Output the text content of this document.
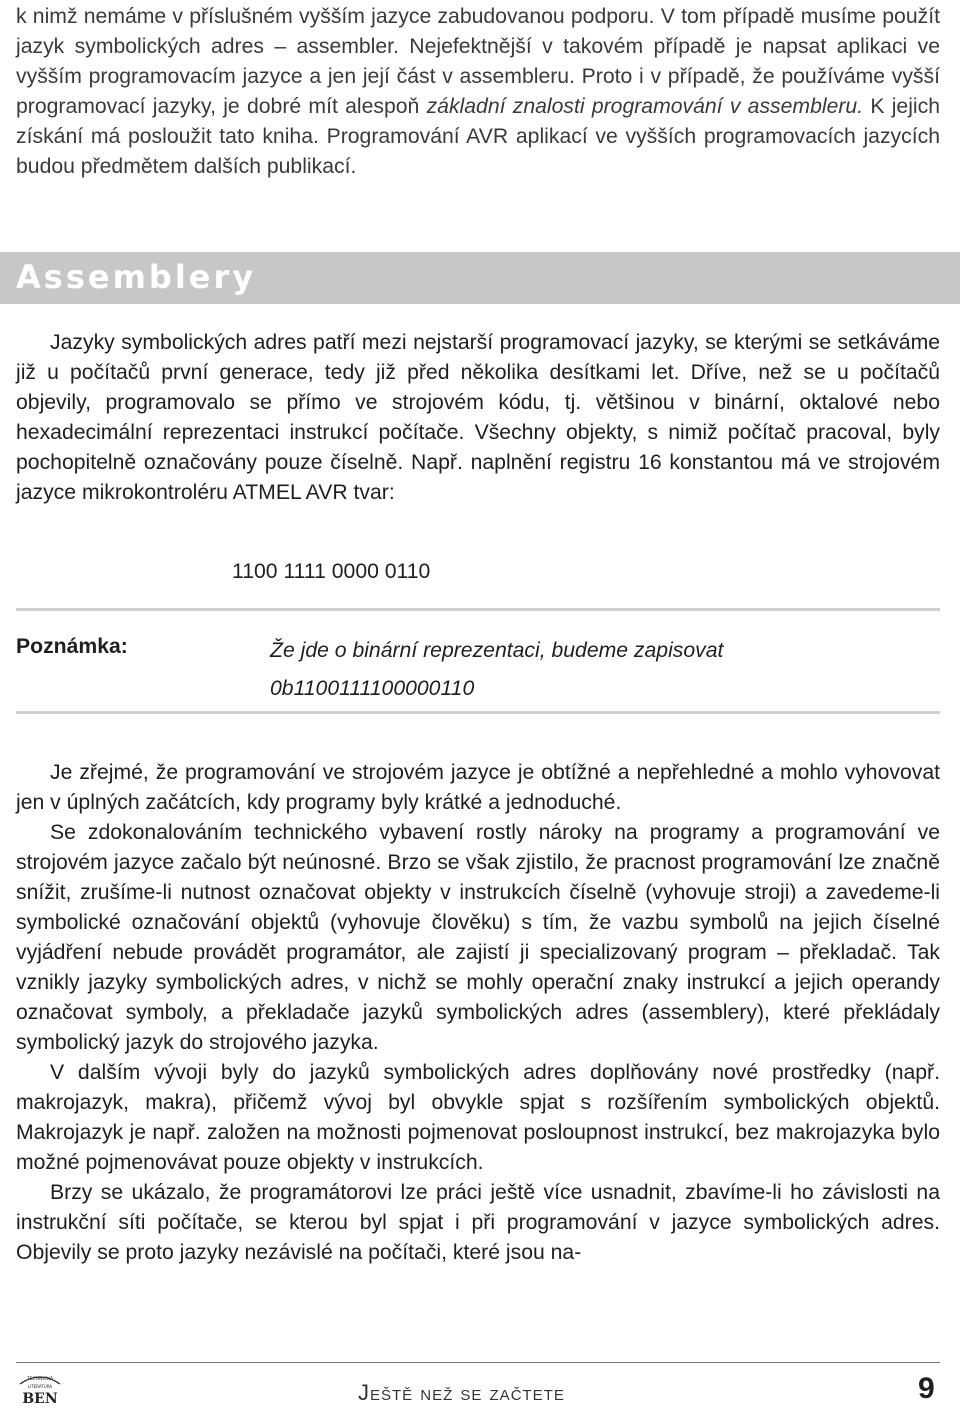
k nimž nemáme v příslušném vyšším jazyce zabudovanou podporu. V tom případě musíme použít jazyk symbolických adres – assembler. Nejefektnější v takovém případě je napsat aplikaci ve vyšším programovacím jazyce a jen její část v assembleru. Proto i v případě, že používáme vyšší programovací jazyky, je dobré mít alespoň základní znalosti programování v assembleru. K jejich získání má posloužit tato kniha. Programování AVR aplikací ve vyšších programovacích jazycích budou předmětem dalších publikací.

Assemblery

Jazyky symbolických adres patří mezi nejstarší programovací jazyky, se kterými se setkáváme již u počítačů první generace, tedy již před několika desítkami let. Dříve, než se u počítačů objevily, programovalo se přímo ve strojovém kódu, tj. většinou v binární, oktalové nebo hexadecimální reprezentaci instrukcí počítače. Všechny objekty, s nimiž počítač pracoval, byly pochopitelně označovány pouze číselně. Např. naplnění registru 16 konstantou má ve strojovém jazyce mikrokontroléru ATMEL AVR tvar:

1100 1111 0000 0110
Poznámka:	Že jde o binární reprezentaci, budeme zapisovat
0b1100111100000110

Je zřejmé, že programování ve strojovém jazyce je obtížné a nepřehledné a mohlo vyhovovat jen v úplných začátcích, kdy programy byly krátké a jednoduché.

Se zdokonalováním technického vybavení rostly nároky na programy a programování ve strojovém jazyce začalo být neúnosné. Brzo se však zjistilo, že pracnost programování lze značně snížit, zrušíme-li nutnost označovat objekty v instrukcích číselně (vyhovuje stroji) a zavedeme-li symbolické označování objektů (vyhovuje člověku) s tím, že vazbu symbolů na jejich číselné vyjádření nebude provádět programátor, ale zajistí ji specializovaný program – překladač. Tak vznikly jazyky symbolických adres, v nichž se mohly operační znaky instrukcí a jejich operandy označovat symboly, a překladače jazyků symbolických adres (assemblery), které překládaly symbolický jazyk do strojového jazyka.

V dalším vývoji byly do jazyků symbolických adres doplňovány nové prostředky (např. makrojazyk, makra), přičemž vývoj byl obvykle spjat s rozšířením symbolických objektů. Makrojazyk je např. založen na možnosti pojmenovat posloupnost instrukcí, bez makrojazyka bylo možné pojmenovávat pouze objekty v instrukcích.

Brzy se ukázalo, že programátorovi lze práci ještě více usnadnit, zbavíme-li ho závislosti na instrukční síti počítače, se kterou byl spjat i při programování v jazyce symbolických adres. Objevily se proto jazyky nezávislé na počítači, které jsou na-

TECHNICKÁ
LITERATURA
BEN	Ještě než se začtete	9
